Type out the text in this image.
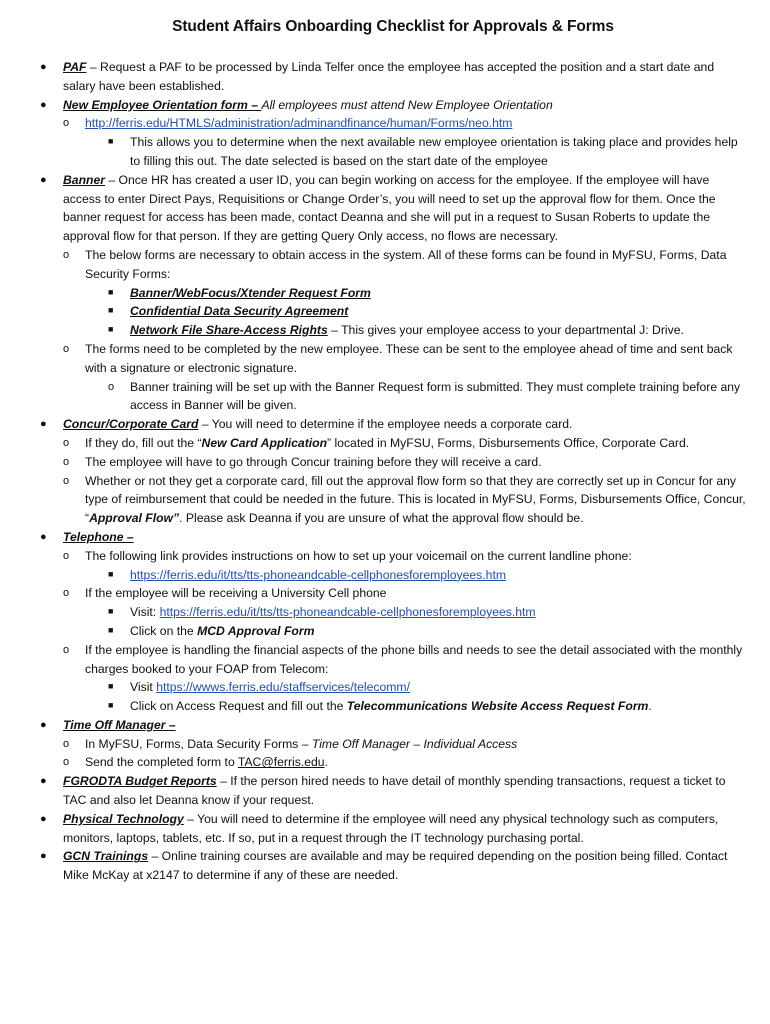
Student Affairs Onboarding Checklist for Approvals & Forms
● PAF – Request a PAF to be processed by Linda Telfer once the employee has accepted the position and a start date and salary have been established.
● New Employee Orientation form – All employees must attend New Employee Orientation
o http://ferris.edu/HTMLS/administration/adminandfinance/human/Forms/neo.htm
■ This allows you to determine when the next available new employee orientation is taking place and provides help to filling this out. The date selected is based on the start date of the employee
● Banner – Once HR has created a user ID, you can begin working on access for the employee. If the employee will have access to enter Direct Pays, Requisitions or Change Order’s, you will need to set up the approval flow for them. Once the banner request for access has been made, contact Deanna and she will put in a request to Susan Roberts to update the approval flow for that person. If they are getting Query Only access, no flows are necessary.
o The below forms are necessary to obtain access in the system. All of these forms can be found in MyFSU, Forms, Data Security Forms:
■ Banner/WebFocus/Xtender Request Form
■ Confidential Data Security Agreement
■ Network File Share-Access Rights – This gives your employee access to your departmental J: Drive.
o The forms need to be completed by the new employee. These can be sent to the employee ahead of time and sent back with a signature or electronic signature.
o Banner training will be set up with the Banner Request form is submitted. They must complete training before any access in Banner will be given.
● Concur/Corporate Card – You will need to determine if the employee needs a corporate card.
o If they do, fill out the “New Card Application” located in MyFSU, Forms, Disbursements Office, Corporate Card.
o The employee will have to go through Concur training before they will receive a card.
o Whether or not they get a corporate card, fill out the approval flow form so that they are correctly set up in Concur for any type of reimbursement that could be needed in the future. This is located in MyFSU, Forms, Disbursements Office, Concur, “Approval Flow”. Please ask Deanna if you are unsure of what the approval flow should be.
● Telephone –
o The following link provides instructions on how to set up your voicemail on the current landline phone:
■ https://ferris.edu/it/tts/tts-phoneandcable-cellphonesforemployees.htm
o If the employee will be receiving a University Cell phone
■ Visit: https://ferris.edu/it/tts/tts-phoneandcable-cellphonesforemployees.htm
■ Click on the MCD Approval Form
o If the employee is handling the financial aspects of the phone bills and needs to see the detail associated with the monthly charges booked to your FOAP from Telecom:
■ Visit https://wwws.ferris.edu/staffservices/telecomm/
■ Click on Access Request and fill out the Telecommunications Website Access Request Form.
● Time Off Manager –
o In MyFSU, Forms, Data Security Forms – Time Off Manager – Individual Access
o Send the completed form to TAC@ferris.edu.
● FGRODTA Budget Reports – If the person hired needs to have detail of monthly spending transactions, request a ticket to TAC and also let Deanna know if your request.
● Physical Technology – You will need to determine if the employee will need any physical technology such as computers, monitors, laptops, tablets, etc. If so, put in a request through the IT technology purchasing portal.
● GCN Trainings – Online training courses are available and may be required depending on the position being filled. Contact Mike McKay at x2147 to determine if any of these are needed.
